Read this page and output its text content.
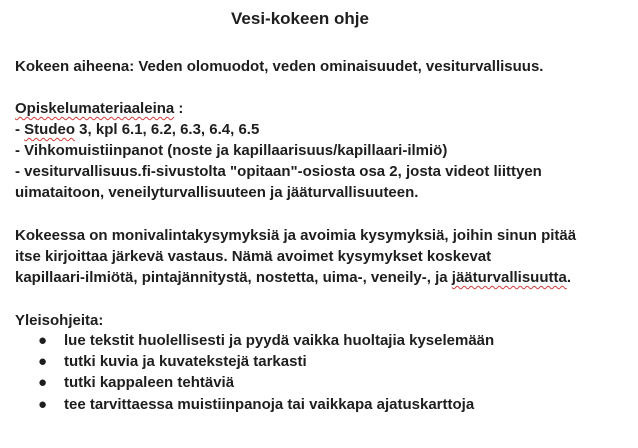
Vesi-kokeen ohje
Kokeen aiheena: Veden olomuodot, veden ominaisuudet, vesiturvallisuus.
Opiskelumateriaaleina :
- Studeo 3, kpl 6.1, 6.2, 6.3, 6.4, 6.5
- Vihkomuistiinpanot (noste ja kapillaarisuus/kapillaari-ilmiö)
- vesiturvallisuus.fi-sivustolta "opitaan"-osiosta osa 2, josta videot liittyen
uimataitoon, veneilyturvallisuuteen ja jääturvallisuuteen.
Kokeessa on monivalintakysymyksiä ja avoimia kysymyksiä, joihin sinun pitää
itse kirjoittaa järkevä vastaus. Nämä avoimet kysymykset koskevat
kapillaari-ilmiötä, pintajännitystä, nostetta, uima-, veneily-, ja jääturvallisuutta.
Yleisohjeita:
● lue tekstit huolellisesti ja pyydä vaikka huoltajia kyselemään
● tutki kuvia ja kuvatekstejä tarkasti
● tutki kappaleen tehtäviä
● tee tarvittaessa muistiinpanoja tai vaikkapa ajatuskarttoja
